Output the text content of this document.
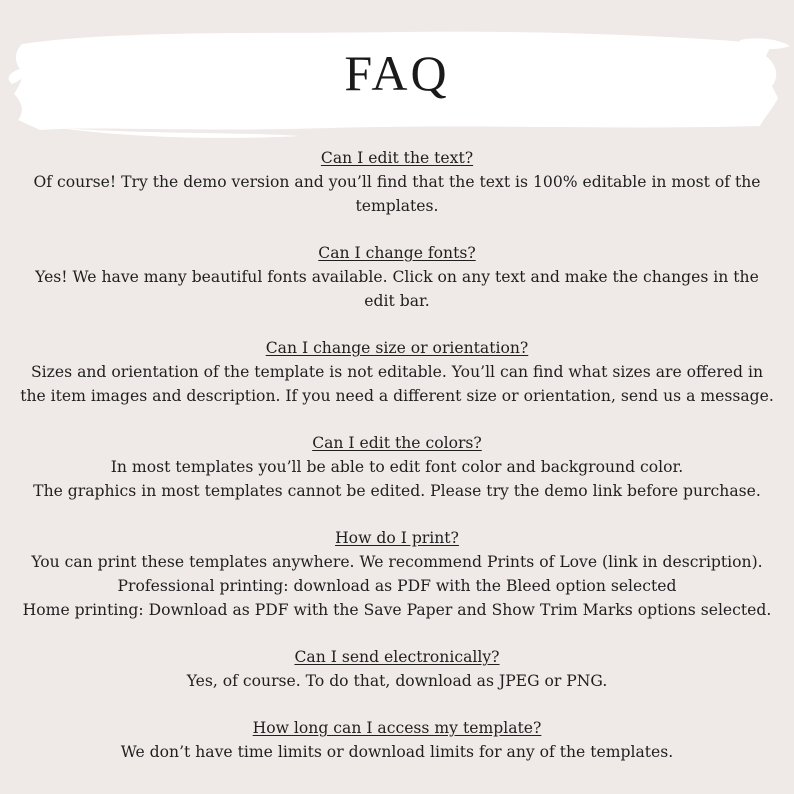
FAQ
Can I edit the text?
Of course! Try the demo version and you’ll find that the text is 100% editable in most of the
templates.
Can I change fonts?
Yes! We have many beautiful fonts available. Click on any text and make the changes in the
edit bar.
Can I change size or orientation?
Sizes and orientation of the template is not editable. You’ll can find what sizes are offered in
the item images and description. If you need a different size or orientation, send us a message.
Can I edit the colors?
In most templates you’ll be able to edit font color and background color.
The graphics in most templates cannot be edited. Please try the demo link before purchase.
How do I print?
You can print these templates anywhere. We recommend Prints of Love (link in description).
Professional printing: download as PDF with the Bleed option selected
Home printing: Download as PDF with the Save Paper and Show Trim Marks options selected.
Can I send electronically?
Yes, of course. To do that, download as JPEG or PNG.
How long can I access my template?
We don’t have time limits or download limits for any of the templates.
